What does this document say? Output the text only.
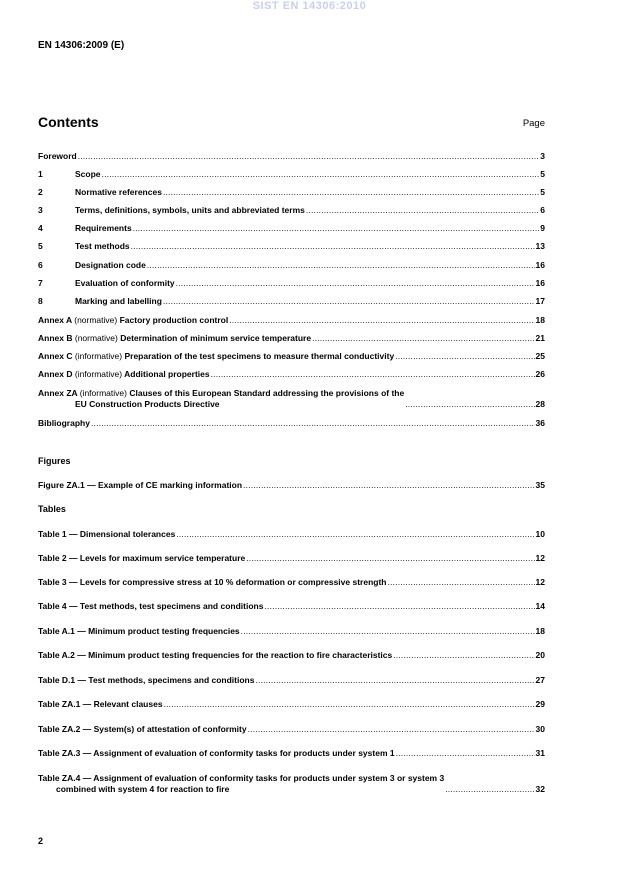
SIST EN 14306:2010
EN 14306:2009 (E)
Contents	Page
Foreword .....	3
1	Scope .....	5
2	Normative references .....	5
3	Terms, definitions, symbols, units and abbreviated terms .....	6
4	Requirements .....	9
5	Test methods .....	13
6	Designation code .....	16
7	Evaluation of conformity .....	16
8	Marking and labelling .....	17
Annex A (normative) Factory production control .....	18
Annex B (normative) Determination of minimum service temperature .....	21
Annex C (informative) Preparation of the test specimens to measure thermal conductivity .....	25
Annex D (informative) Additional properties .....	26
Annex ZA (informative) Clauses of this European Standard addressing the provisions of the
EU Construction Products Directive .....	28
Bibliography .....	36
Figure ZA.1 — Example of CE marking information .....	35
Table 1 — Dimensional tolerances .....	10
Table 2 — Levels for maximum service temperature .....	12
Table 3 — Levels for compressive stress at 10 % deformation or compressive strength .....	12
Table 4 — Test methods, test specimens and conditions .....	14
Table A.1 — Minimum product testing frequencies .....	18
Table A.2 — Minimum product testing frequencies for the reaction to fire characteristics .....	20
Table D.1 — Test methods, specimens and conditions .....	27
Table ZA.1 — Relevant clauses .....	29
Table ZA.2 — System(s) of attestation of conformity .....	30
Table ZA.3 — Assignment of evaluation of conformity tasks for products under system 1 .....	31
Table ZA.4 — Assignment of evaluation of conformity tasks for products under system 3 or system 3
combined with system 4 for reaction to fire .....	32
Figures
Tables
2
